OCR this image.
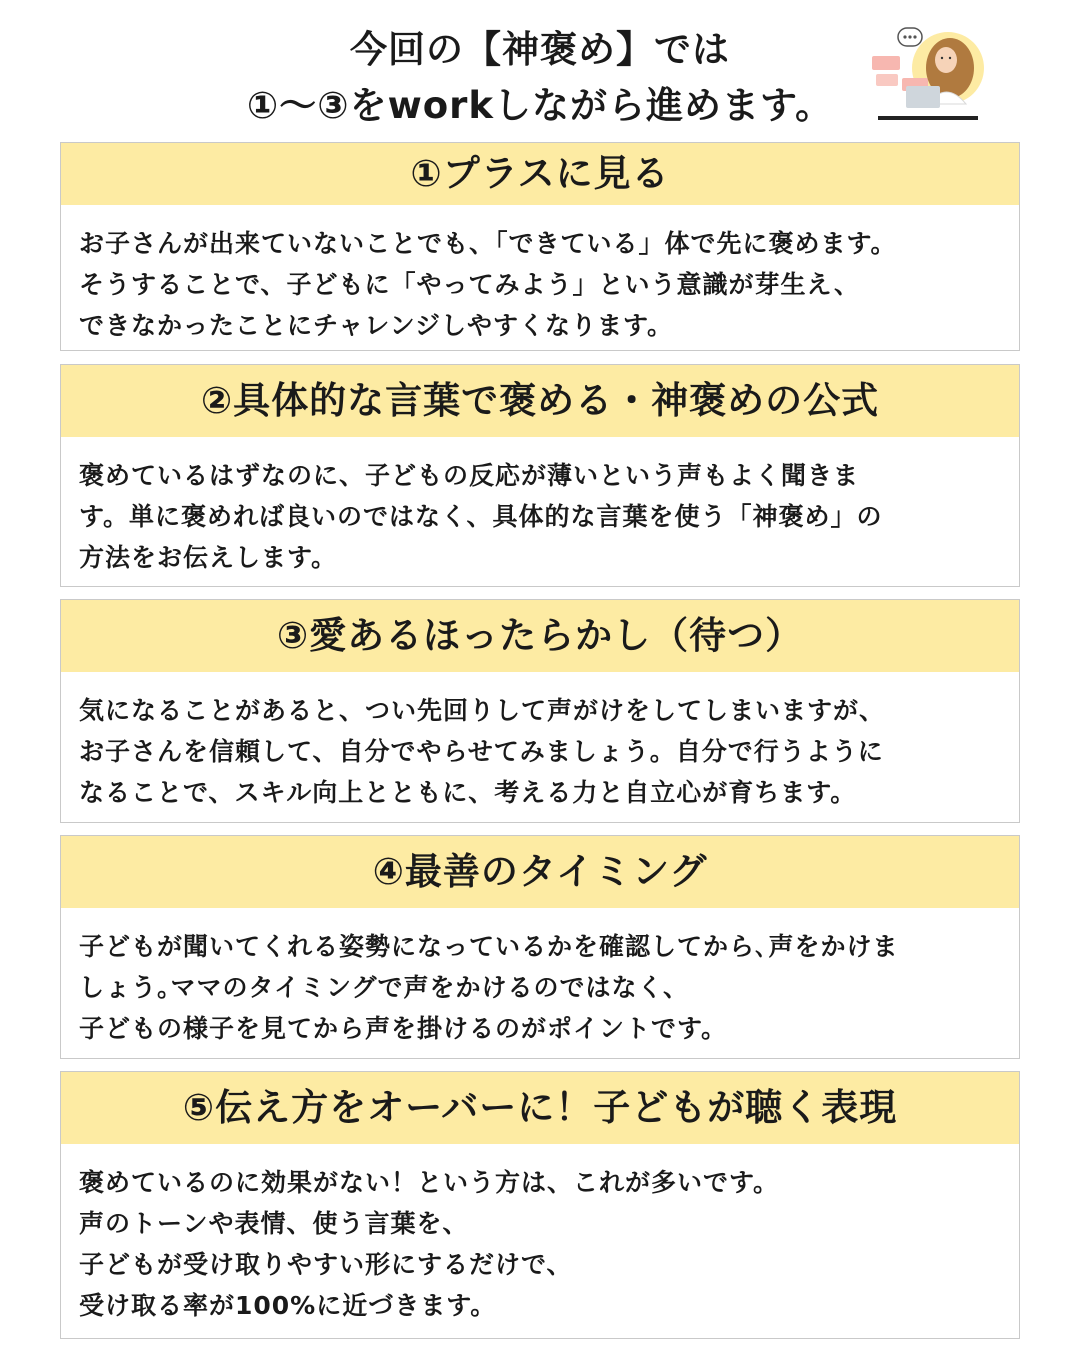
今回の【神褒め】では
①〜③をworkしながら進めます。
①プラスに見る
お子さんが出来ていないことでも、「できている」体で先に褒めます。
そうすることで、子どもに「やってみよう」という意識が芽生え、
できなかったことにチャレンジしやすくなります。
②具体的な言葉で褒める・神褒めの公式
褒めているはずなのに、子どもの反応が薄いという声もよく聞きま
す。単に褒めれば良いのではなく、具体的な言葉を使う「神褒め」の
方法をお伝えします。
③愛あるほったらかし（待つ）
気になることがあると、つい先回りして声がけをしてしまいますが、
お子さんを信頼して、自分でやらせてみましょう。自分で行うように
なることで、スキル向上とともに、考える力と自立心が育ちます。
④最善のタイミング
子どもが聞いてくれる姿勢になっているかを確認してから､声をかけま
しょう｡ママのタイミングで声をかけるのではなく、
子どもの様子を見てから声を掛けるのがポイントです。
⑤伝え方をオーバーに！子どもが聴く表現
褒めているのに効果がない！という方は、これが多いです。
声のトーンや表情、使う言葉を、
子どもが受け取りやすい形にするだけで、
受け取る率が100%に近づきます。
